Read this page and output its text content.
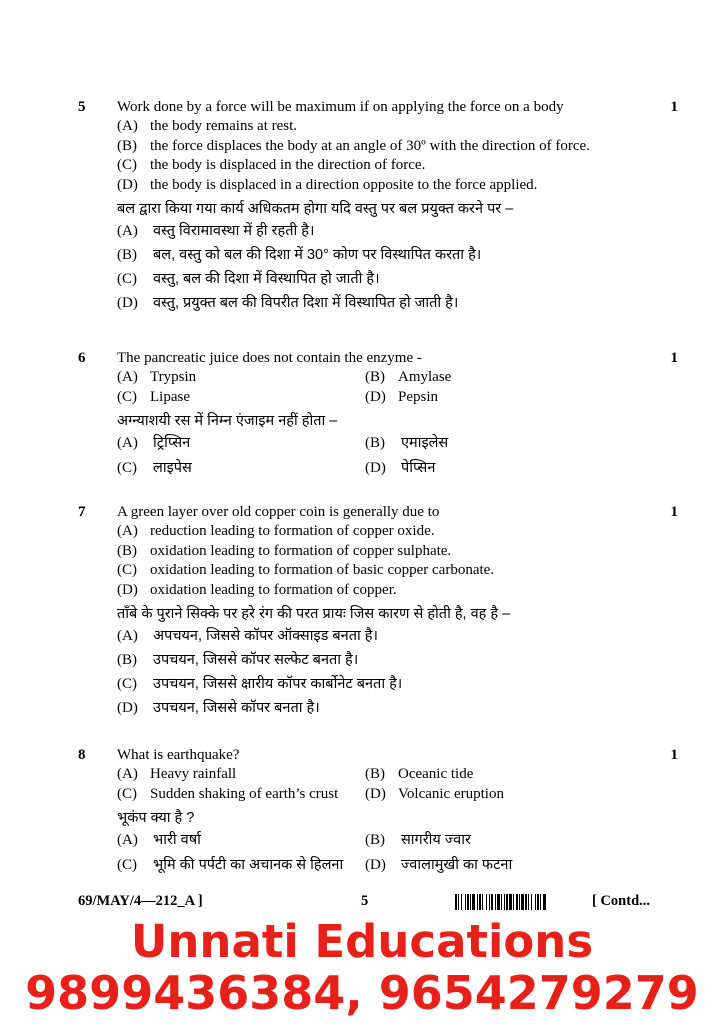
5	1
Work done by a force will be maximum if on applying the force on a body
(A) the body remains at rest.
(B) the force displaces the body at an angle of 30º with the direction of force.
(C) the body is displaced in the direction of force.
(D) the body is displaced in a direction opposite to the force applied.
बल द्वारा किया गया कार्य अधिकतम होगा यदि वस्तु पर बल प्रयुक्त करने पर –
(A) वस्तु विरामावस्था में ही रहती है।
(B) बल, वस्तु को बल की दिशा में 30° कोण पर विस्थापित करता है।
(C) वस्तु, बल की दिशा में विस्थापित हो जाती है।
(D) वस्तु, प्रयुक्त बल की विपरीत दिशा में विस्थापित हो जाती है।
6	1
The pancreatic juice does not contain the enzyme -
(A) Trypsin	(B) Amylase
(C) Lipase	(D) Pepsin
अग्न्याशयी रस में निम्न एंजाइम नहीं होता –
(A) ट्रिप्सिन	(B) एमाइलेस
(C) लाइपेस	(D) पेप्सिन
7	1
A green layer over old copper coin is generally due to
(A) reduction leading to formation of copper oxide.
(B) oxidation leading to formation of copper sulphate.
(C) oxidation leading to formation of basic copper carbonate.
(D) oxidation leading to formation of copper.
ताँबे के पुराने सिक्के पर हरे रंग की परत प्रायः जिस कारण से होती है, वह है –
(A) अपचयन, जिससे कॉपर ऑक्साइड बनता है।
(B) उपचयन, जिससे कॉपर सल्फेट बनता है।
(C) उपचयन, जिससे क्षारीय कॉपर कार्बोनेट बनता है।
(D) उपचयन, जिससे कॉपर बनता है।
8	1
What is earthquake?
(A) Heavy rainfall	(B) Oceanic tide
(C) Sudden shaking of earth’s crust (D) Volcanic eruption
भूकंप क्या है ?
(A) भारी वर्षा	(B) सागरीय ज्वार
(C) भूमि की पर्पटी का अचानक से हिलना (D) ज्वालामुखी का फटना
69/MAY/4—212_A ]	5	[ Contd...
Unnati Educations
9899436384, 9654279279
